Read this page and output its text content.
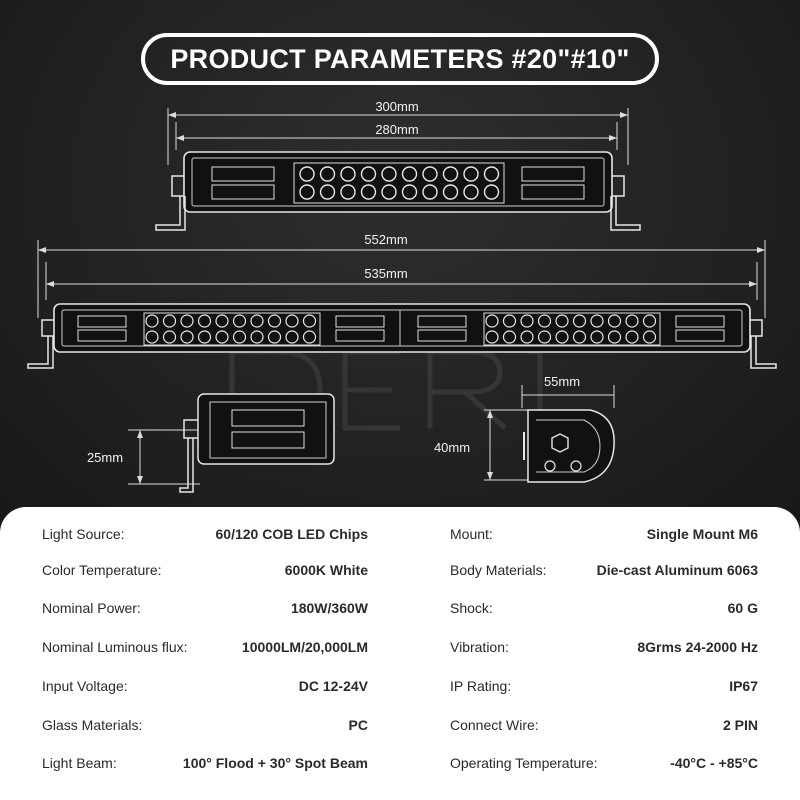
PRODUCT PARAMETERS #20"#10"
300mm
280mm
552mm
535mm
25mm
55mm
40mm
Light Source:	60/120 COB LED Chips
Color Temperature:	6000K White
Nominal Power:	180W/360W
Nominal Luminous flux:	10000LM/20,000LM
Input Voltage:	DC 12-24V
Glass Materials:	PC
Light Beam:	100° Flood + 30° Spot Beam
Mount:	Single Mount M6
Body Materials:	Die-cast Aluminum 6063
Shock:	60 G
Vibration:	8Grms 24-2000 Hz
IP Rating:	IP67
Connect Wire:	2 PIN
Operating Temperature:	-40°C - +85°C
